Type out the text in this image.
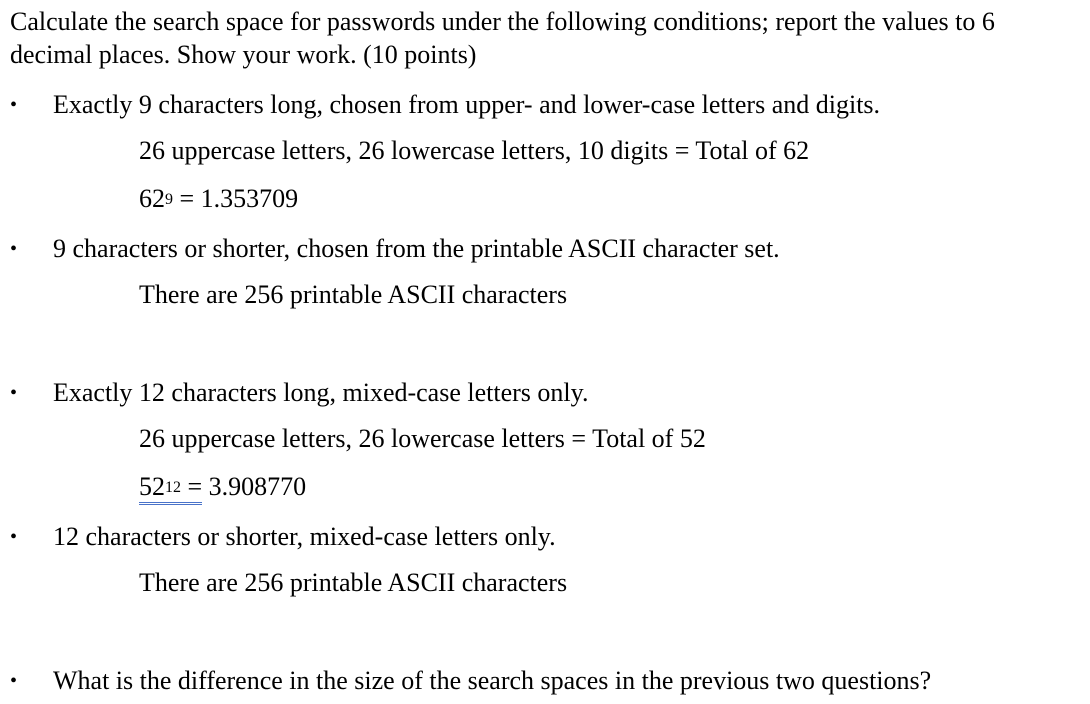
Calculate the search space for passwords under the following conditions; report the values to 6 decimal places. Show your work. (10 points)

• Exactly 9 characters long, chosen from upper- and lower-case letters and digits.
26 uppercase letters, 26 lowercase letters, 10 digits = Total of 62
$62^9 = 1.353709$
• 9 characters or shorter, chosen from the printable ASCII character set.
There are 256 printable ASCII characters
• Exactly 12 characters long, mixed-case letters only.
26 uppercase letters, 26 lowercase letters = Total of 52
$52^{12} = 3.908770$
• 12 characters or shorter, mixed-case letters only.
There are 256 printable ASCII characters
• What is the difference in the size of the search spaces in the previous two questions?
